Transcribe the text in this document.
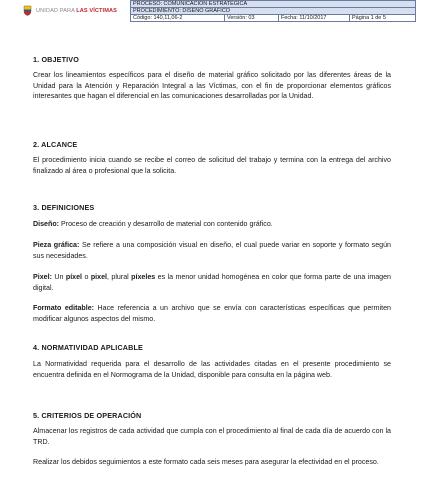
UNIDAD PARA LAS VÍCTIMAS
PROCESO: COMUNICACIÓN ESTRATÉGICA
PROCEDIMIENTO: DISEÑO GRÁFICO
Código: 140,11,06-2	Versión: 03	Fecha: 11/10/2017	Página 1 de 5
1. OBJETIVO
Crear los lineamientos específicos para el diseño de material gráfico solicitado por las diferentes áreas de la Unidad para la Atención y Reparación Integral a las Víctimas, con el fin de proporcionar elementos gráficos interesantes que hagan el diferencial en las comunicaciones desarrolladas por la Unidad.
2. ALCANCE
El procedimiento inicia cuando se recibe el correo de solicitud del trabajo y termina con la entrega del archivo finalizado al área o profesional que la solicita.
3. DEFINICIONES
Diseño: Proceso de creación y desarrollo de material con contenido gráfico.
Pieza gráfica: Se refiere a una composición visual en diseño, el cual puede variar en soporte y formato según sus necesidades.
Pixel: Un píxel o pixel, plural píxeles es la menor unidad homogénea en color que forma parte de una imagen digital.
Formato editable: Hace referencia a un archivo que se envía con características específicas que permiten modificar algunos aspectos del mismo.
4. NORMATIVIDAD APLICABLE
La Normatividad requerida para el desarrollo de las actividades citadas en el presente procedimiento se encuentra definida en el Normograma de la Unidad, disponible para consulta en la página web.
5. CRITERIOS DE OPERACIÓN
Almacenar los registros de cada actividad que cumpla con el procedimiento al final de cada día de acuerdo con la TRD.
Realizar los debidos seguimientos a este formato cada seis meses para asegurar la efectividad en el proceso.
